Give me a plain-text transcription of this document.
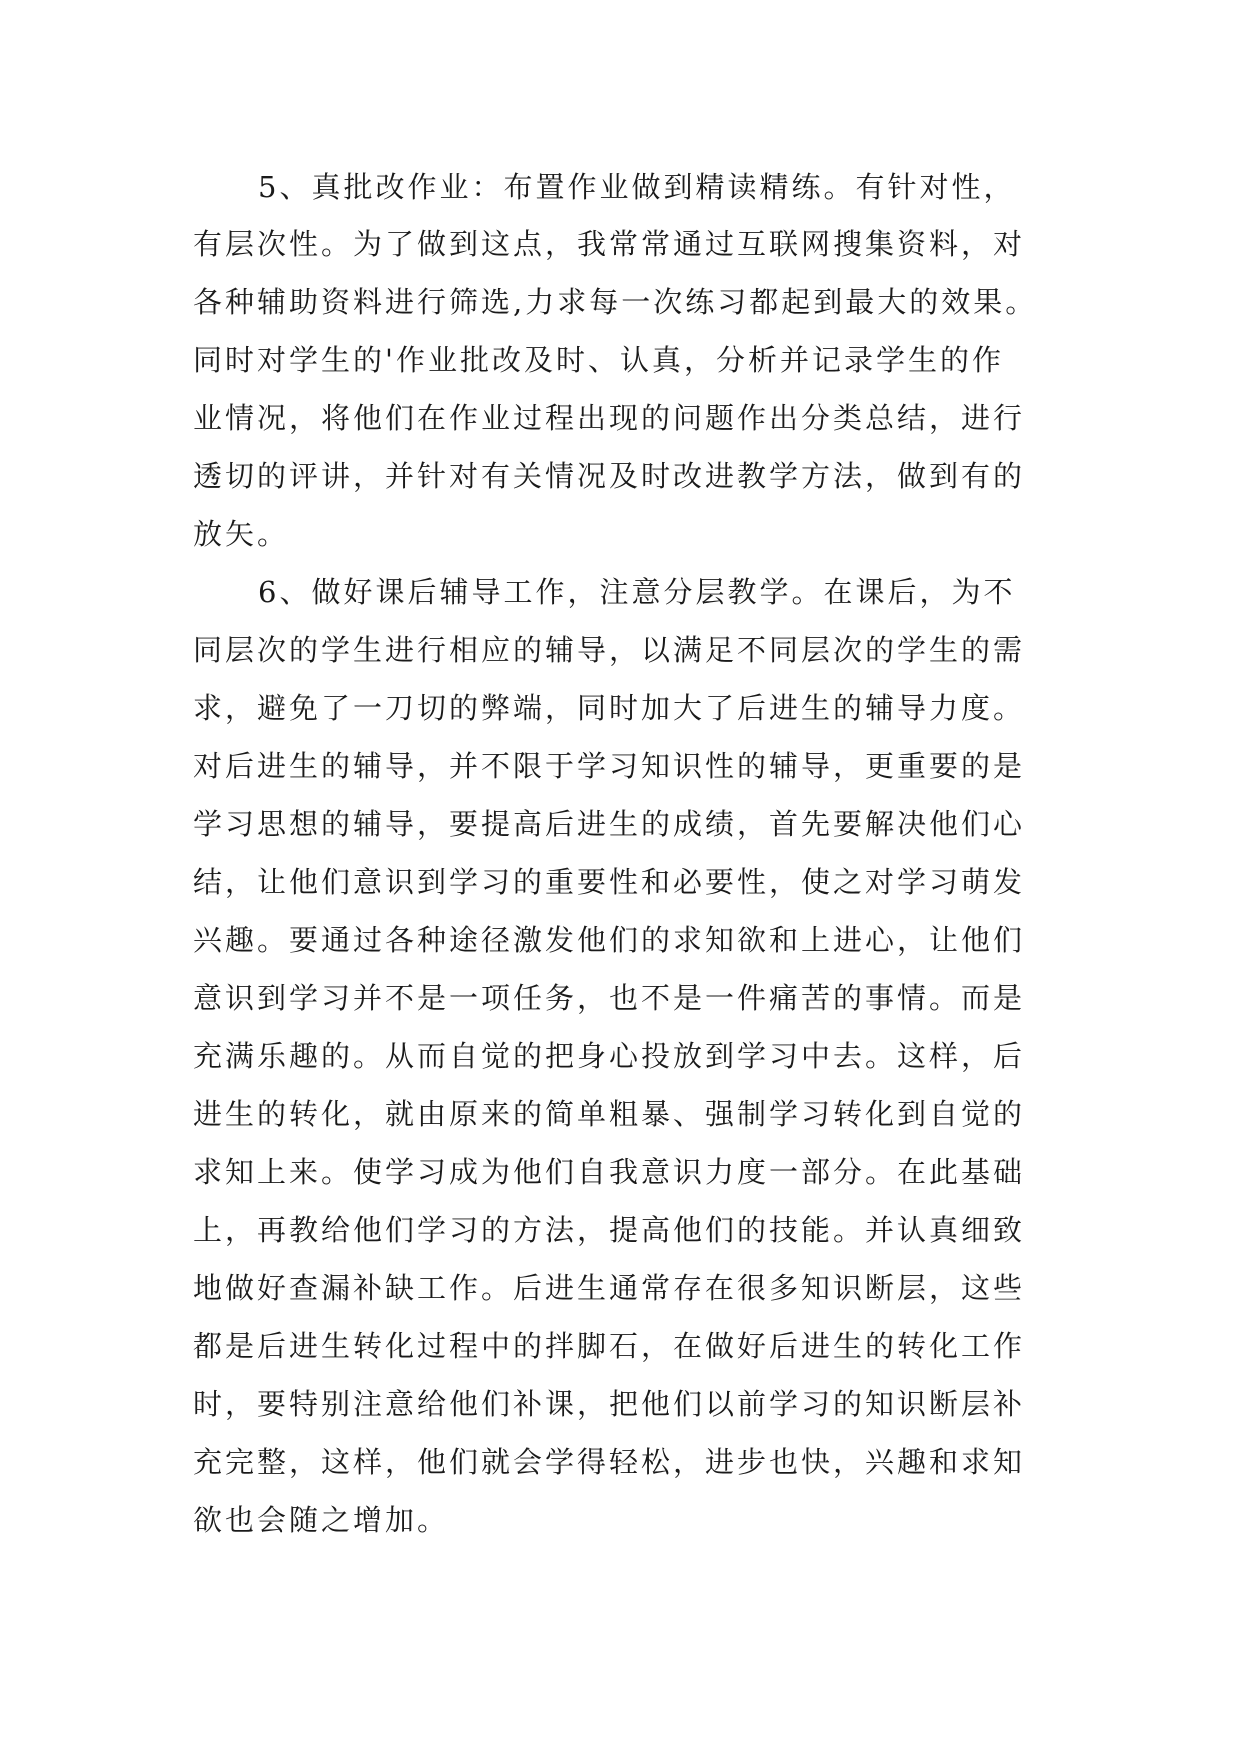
5、真批改作业：布置作业做到精读精练。有针对性，
有层次性。为了做到这点，我常常通过互联网搜集资料，对
各种辅助资料进行筛选,力求每一次练习都起到最大的效果。
同时对学生的'作业批改及时、认真，分析并记录学生的作
业情况，将他们在作业过程出现的问题作出分类总结，进行
透切的评讲，并针对有关情况及时改进教学方法，做到有的
放矢。
6、做好课后辅导工作，注意分层教学。在课后，为不
同层次的学生进行相应的辅导，以满足不同层次的学生的需
求，避免了一刀切的弊端，同时加大了后进生的辅导力度。
对后进生的辅导，并不限于学习知识性的辅导，更重要的是
学习思想的辅导，要提高后进生的成绩，首先要解决他们心
结，让他们意识到学习的重要性和必要性，使之对学习萌发
兴趣。要通过各种途径激发他们的求知欲和上进心，让他们
意识到学习并不是一项任务，也不是一件痛苦的事情。而是
充满乐趣的。从而自觉的把身心投放到学习中去。这样，后
进生的转化，就由原来的简单粗暴、强制学习转化到自觉的
求知上来。使学习成为他们自我意识力度一部分。在此基础
上，再教给他们学习的方法，提高他们的技能。并认真细致
地做好查漏补缺工作。后进生通常存在很多知识断层，这些
都是后进生转化过程中的拌脚石，在做好后进生的转化工作
时，要特别注意给他们补课，把他们以前学习的知识断层补
充完整，这样，他们就会学得轻松，进步也快，兴趣和求知
欲也会随之增加。
